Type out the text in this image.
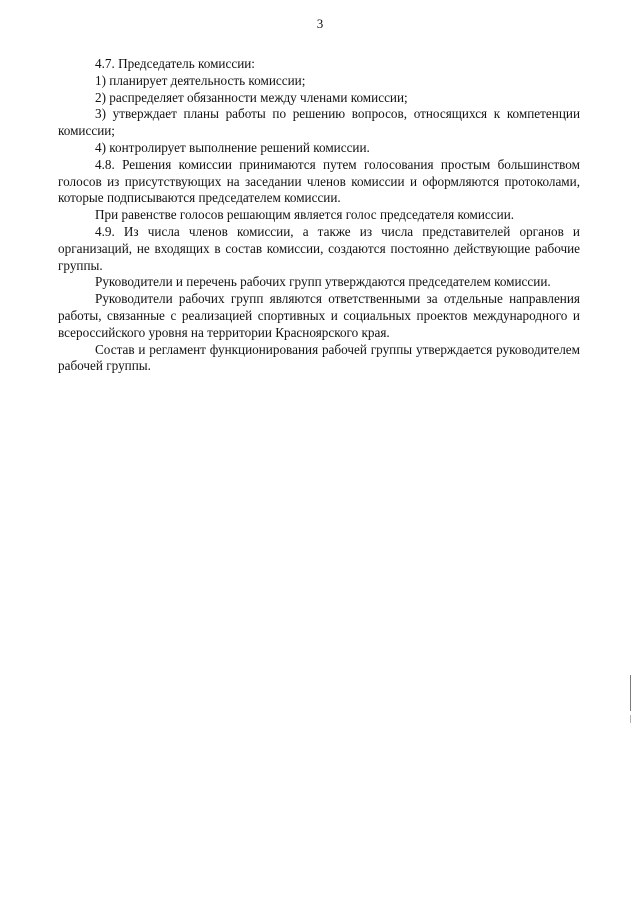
3

4.7. Председатель комиссии:

1) планирует деятельность комиссии;

2) распределяет обязанности между членами комиссии;

3) утверждает планы работы по решению вопросов, относящихся к компетенции комиссии;

4) контролирует выполнение решений комиссии.

4.8. Решения комиссии принимаются путем голосования простым большинством голосов из присутствующих на заседании членов комиссии и оформляются протоколами, которые подписываются председателем комиссии.

При равенстве голосов решающим является голос председателя комиссии.

4.9. Из числа членов комиссии, а также из числа представителей органов и организаций, не входящих в состав комиссии, создаются постоянно действующие рабочие группы.

Руководители и перечень рабочих групп утверждаются председателем комиссии.

Руководители рабочих групп являются ответственными за отдельные направления работы, связанные с реализацией спортивных и социальных проектов международного и всероссийского уровня на территории Красноярского края.

Состав и регламент функционирования рабочей группы утверждается руководителем рабочей группы.
